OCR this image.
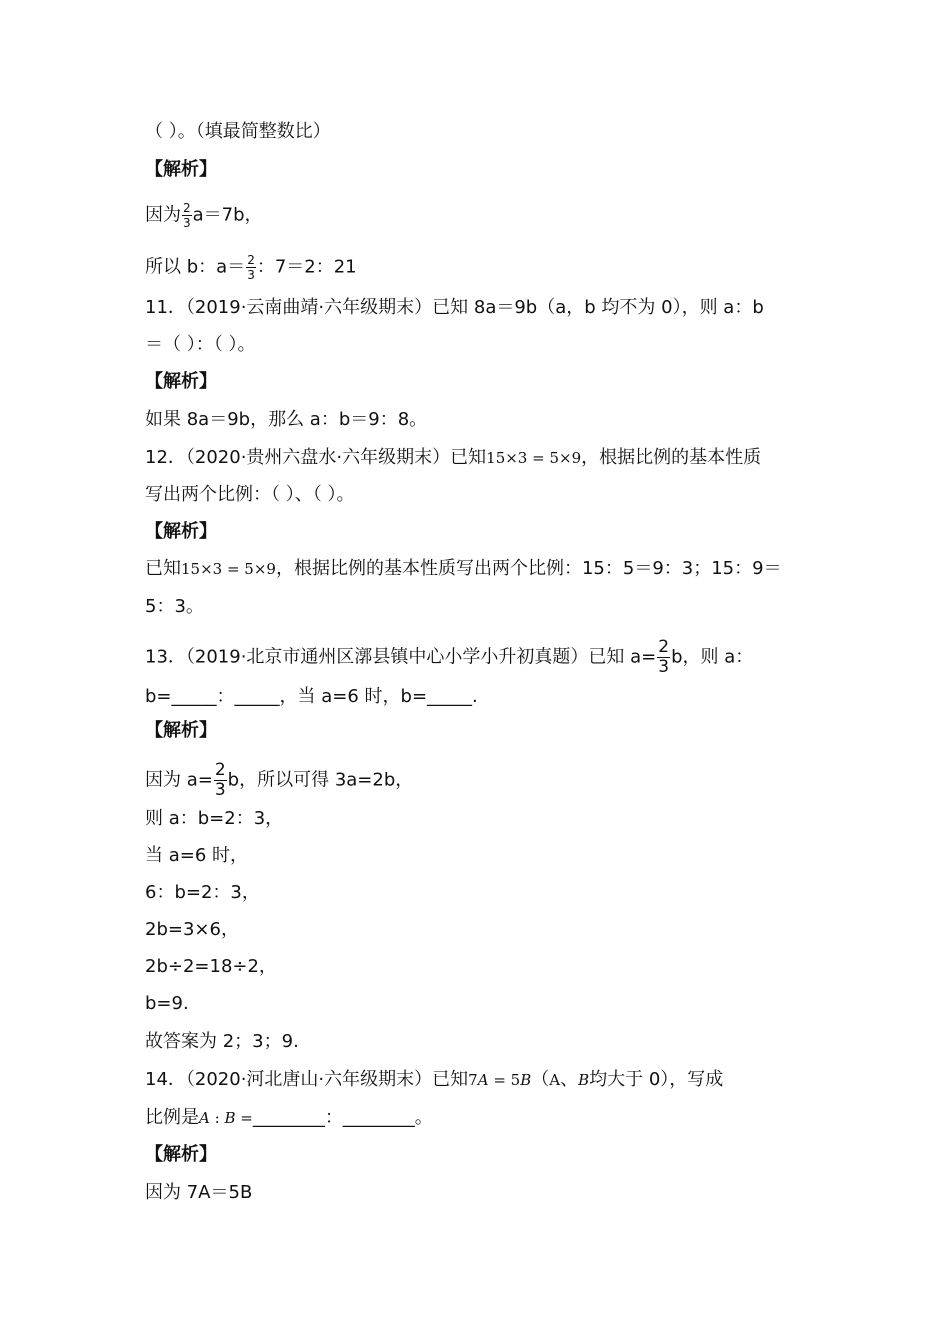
（ ）。（填最简整数比）
【解析】
因为 $\frac{2}{3} a=7b$，
所以 b：$a= \frac{2}{3}$ ：7＝2：21
11．（2019·云南曲靖·六年级期末）已知 8a＝9b（a，b 均不为 0），则 a：b
＝（ ）：（ ）。
【解析】
如果 8a＝9b，那么 a：b＝9：8。
12．（2020·贵州六盘水·六年级期末）已知15×3 = 5×9，根据比例的基本性质
写出两个比例：（ ）、（ ）。
【解析】
已知15×3 = 5×9，根据比例的基本性质写出两个比例：15：5＝9：3；15：9＝
5：3。
13．（2019·北京市通州区漷县镇中心小学小升初真题）已知 $a= \frac{2}{3}$ b，则 a：
b=_____：_____，当 a=6 时，b=_____.
【解析】
因为 $a= \frac{2}{3}$ b，所以可得 3a=2b，
则 a：b=2：3，
当 a=6 时，
6：b=2：3，
2b=3×6，
2b÷2=18÷2，
b=9.
故答案为 2；3；9.
14．（2020·河北唐山·六年级期末）已知7A = 5B（A、B均大于 0），写成
比例是A : B =________：________。
【解析】
因为 7A＝5B
